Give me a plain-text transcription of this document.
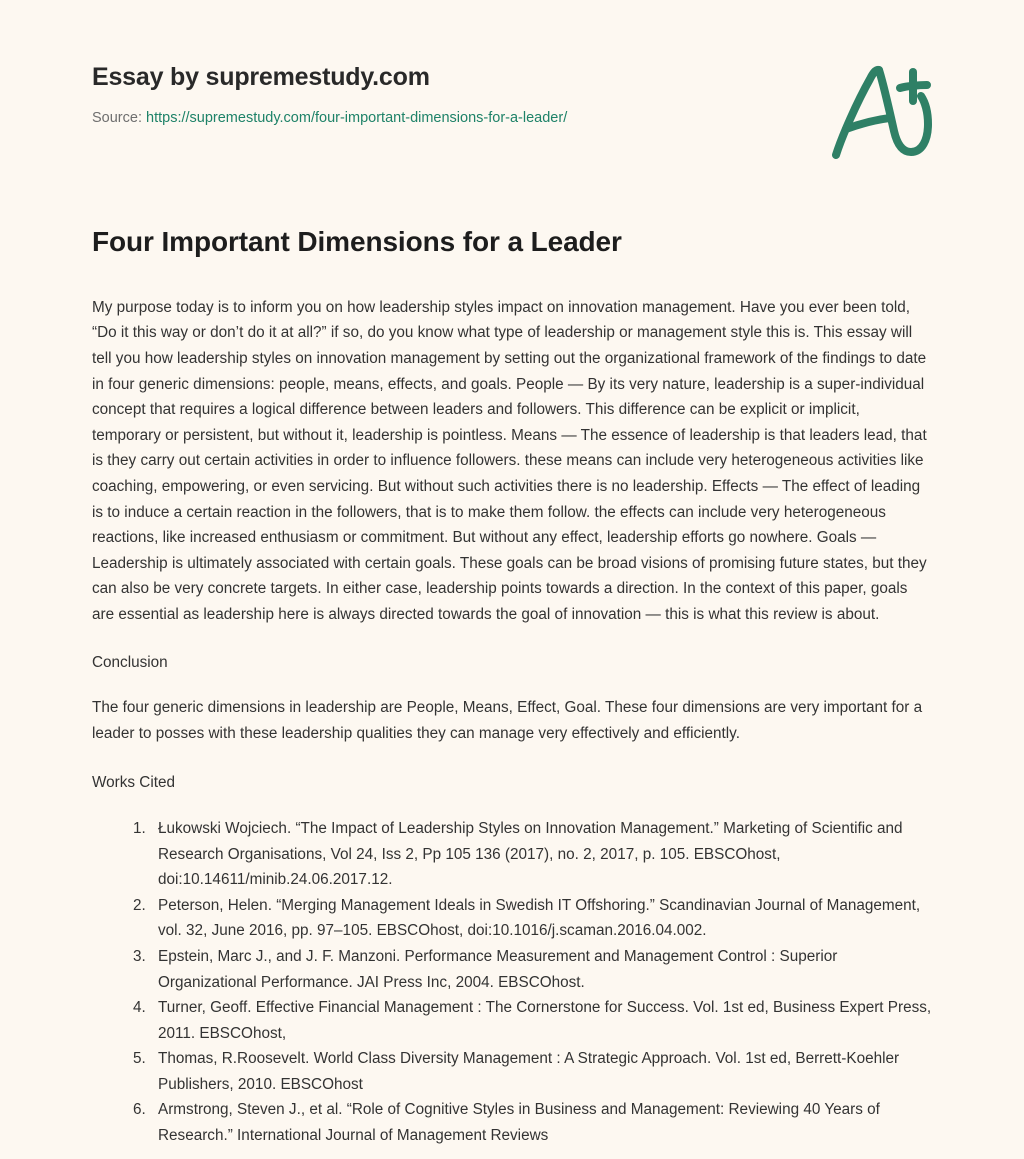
Essay by supremestudy.com
Source: https://supremestudy.com/four-important-dimensions-for-a-leader/
Four Important Dimensions for a Leader

My purpose today is to inform you on how leadership styles impact on innovation management. Have you ever been told, “Do it this way or don’t do it at all?” if so, do you know what type of leadership or management style this is. This essay will tell you how leadership styles on innovation management by setting out the organizational framework of the findings to date in four generic dimensions: people, means, effects, and goals. People — By its very nature, leadership is a super-individual concept that requires a logical difference between leaders and followers. This difference can be explicit or implicit, temporary or persistent, but without it, leadership is pointless. Means — The essence of leadership is that leaders lead, that is they carry out certain activities in order to influence followers. these means can include very heterogeneous activities like coaching, empowering, or even servicing. But without such activities there is no leadership. Effects — The effect of leading is to induce a certain reaction in the followers, that is to make them follow. the effects can include very heterogeneous reactions, like increased enthusiasm or commitment. But without any effect, leadership efforts go nowhere. Goals — Leadership is ultimately associated with certain goals. These goals can be broad visions of promising future states, but they can also be very concrete targets. In either case, leadership points towards a direction. In the context of this paper, goals are essential as leadership here is always directed towards the goal of innovation — this is what this review is about.

Conclusion

The four generic dimensions in leadership are People, Means, Effect, Goal. These four dimensions are very important for a leader to posses with these leadership qualities they can manage very effectively and efficiently.

Works Cited

1. Łukowski Wojciech. “The Impact of Leadership Styles on Innovation Management.” Marketing of Scientific and Research Organisations, Vol 24, Iss 2, Pp 105 136 (2017), no. 2, 2017, p. 105. EBSCOhost, doi:10.14611/minib.24.06.2017.12.
2. Peterson, Helen. “Merging Management Ideals in Swedish IT Offshoring.” Scandinavian Journal of Management, vol. 32, June 2016, pp. 97–105. EBSCOhost, doi:10.1016/j.scaman.2016.04.002.
3. Epstein, Marc J., and J. F. Manzoni. Performance Measurement and Management Control : Superior Organizational Performance. JAI Press Inc, 2004. EBSCOhost.
4. Turner, Geoff. Effective Financial Management : The Cornerstone for Success. Vol. 1st ed, Business Expert Press, 2011. EBSCOhost,
5. Thomas, R.Roosevelt. World Class Diversity Management : A Strategic Approach. Vol. 1st ed, Berrett-Koehler Publishers, 2010. EBSCOhost
6. Armstrong, Steven J., et al. “Role of Cognitive Styles in Business and Management: Reviewing 40 Years of Research.” International Journal of Management Reviews
